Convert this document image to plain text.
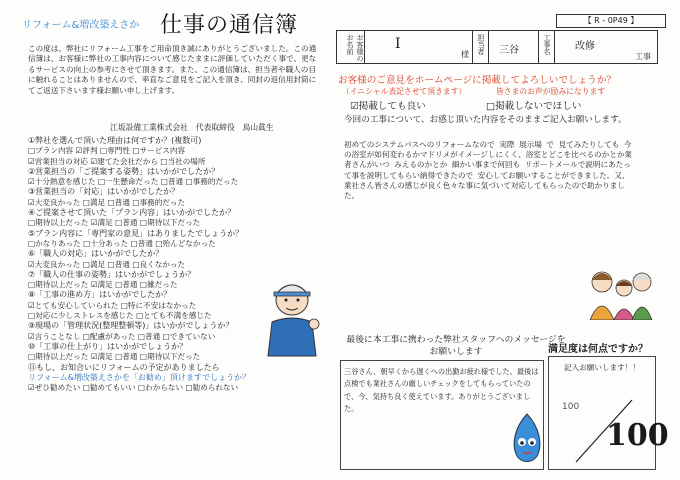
リフォーム&増改築えさか 仕事の通信簿
この度は、弊社にリフォーム工事をご用命頂き誠にありがとうございました。この通信簿は、お客様に弊社の工事内容について感じたままに評価していただく事で、更なるサービスの向上の参考にさせて頂きます。また、この通信簿は、担当者や職人の目に触れることはありませんので、率直なご意見をご記入を頂き、同封の返信用封筒にてご返送下さいます様お願い申し上げます。
江坂設備工業株式会社　代表取締役　鳥山眞生
①弊社を選んで頂いた理由は何ですか？(複数可)
□プラン内容 ☑評判 □専門性 □サービス内容
☑営業担当の対応 ☑建てた会社だから □当社の場所
②営業担当の「ご提案する姿勢」はいかがでしたか？
☑十分熱意を感じた □一生懸命だった □普通 □事務的だった
③営業担当の「対応」はいかがでしたか？
☑大変良かった □満足 □普通 □事務的だった
④ご提案させて頂いた「プラン内容」はいかがでしたか？
□期待以上だった ☑満足 □普通 □期待以下だった
⑤プラン内容に「専門家の意見」はありましたでしょうか？
□かなりあった □十分あった □普通 □殆んどなかった
⑥「職人の対応」はいかがでしたか？
☑大変良かった □満足 □普通 □良くなかった
⑦「職人の仕事の姿勢」はいかがでしょうか？
□期待以上だった ☑満足 □普通 □雑だった
⑧「工事の進め方」はいかがでしたか？
☑とても安心していられた □特に不安はなかった
□対応に少しストレスを感じた □とても不満を感じた
⑨現場の「管理状況(整理整頓等)」はいかがでしょうか？
☑言うことなし □配慮があった □普通 □できていない
⑩「工事の仕上がり」はいかがでしょうか？
□期待以上だった ☑満足 □普通 □期待以下だった
⑪もし、お知合いにリフォームの予定がありましたら
リフォーム&増改築えさかを「お勧め」頂けますでしょうか？
☑ぜひ勧めたい □勧めてもいい □わからない □勧められない
【 R - 0P49 】
お客様のお名前	I
様 担当者 三谷	工事名 改修
工事
お客様のご意見をホームページに掲載してよろしいでしょうか？
（イニシャル表記させて頂きます）	皆さまのお声が励みになります
☑掲載しても良い	□掲載しないでほしい
今回の工事について、お感じ頂いた内容をそのままご記入お願いします。
初めてのシステムバスへのリフォームなので 実際 展示場 で 見てみたりしても 今の浴室が如何変わるかマドリメがイメージしにくく、浴室とどこを比べるのかとか業者さんがいつ みえるのかとか 細かい事まで何回も リポートメールで説明にあたって事を説明してもらい納得できたので 安心してお願いすることができました。又、業社さん皆さんの感じが良く色々な事に気づいて対応してもらったので助かりました。
最後に本工事に携わった弊社スタッフへのメッセージをお願いします	満足度は何点ですか？
三谷さん、朝早くから遅くへの出勤お疲れ様でした。最後は点検でも業社さんの厳しいチェックをしてもらっていたので、今、気持ち良く使えています。ありがとうございました。
記入お願いします！！
100
100
